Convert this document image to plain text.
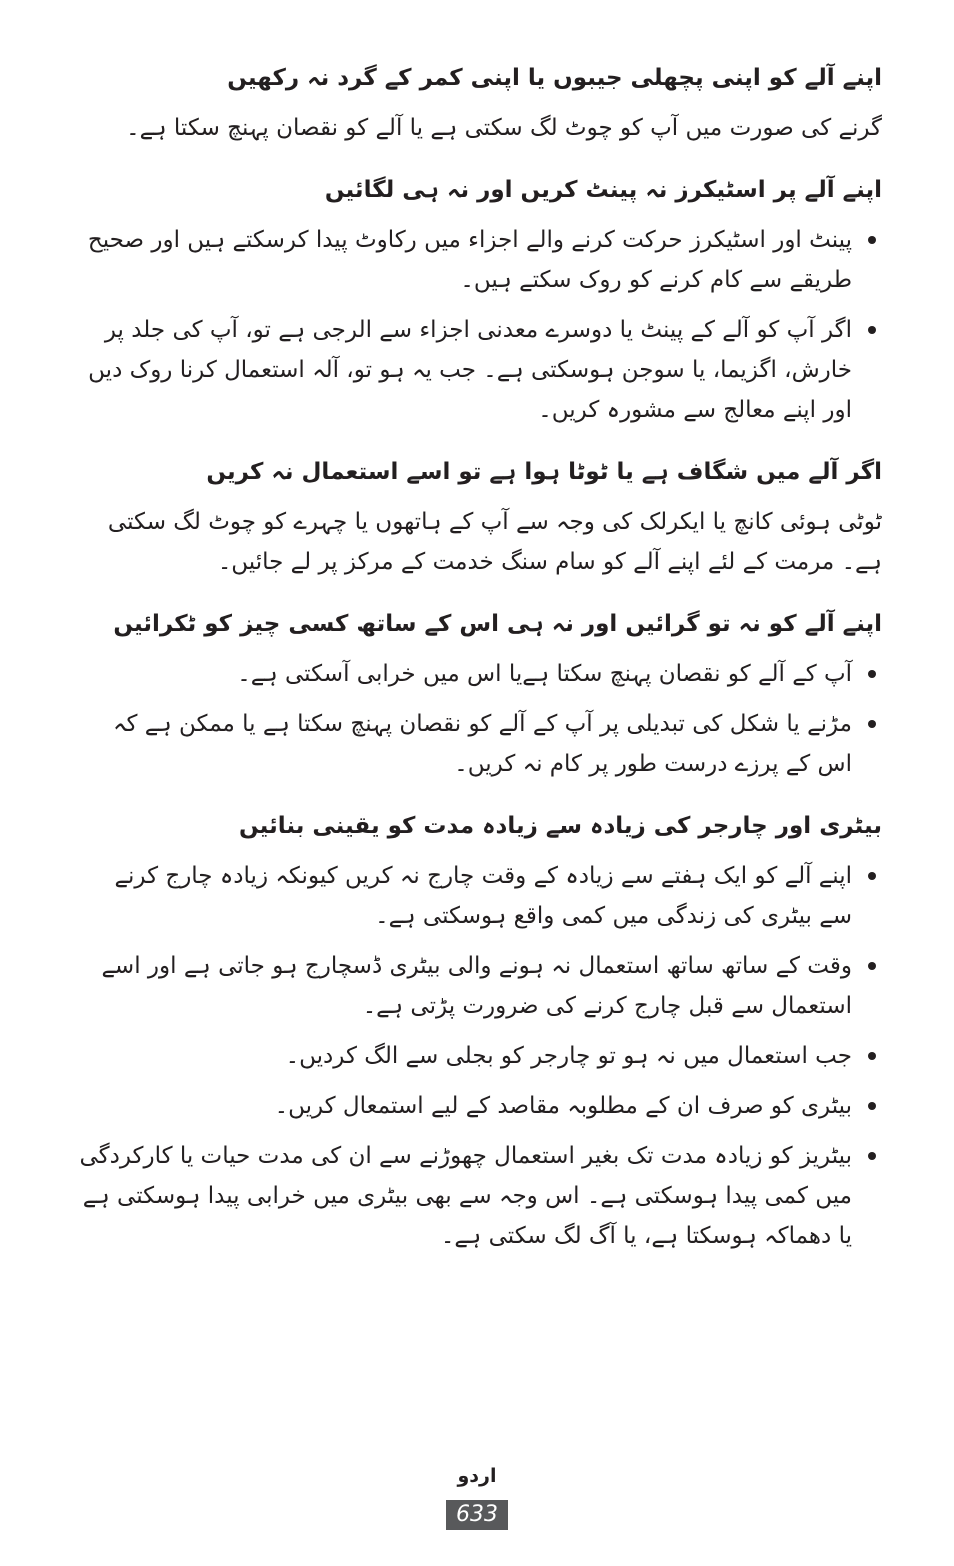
اپنے آلے کو اپنی پچھلی جیبوں یا اپنی کمر کے گرد نہ رکھیں

گرنے کی صورت میں آپ کو چوٹ لگ سکتی ہے یا آلے کو نقصان پہنچ سکتا ہے۔

اپنے آلے پر اسٹیکرز نہ پینٹ کریں اور نہ ہی لگائیں

پینٹ اور اسٹیکرز حرکت کرنے والے اجزاء میں رکاوٹ پیدا کرسکتے ہیں اور صحیح طریقے سے کام کرنے کو روک سکتے ہیں۔
اگر آپ کو آلے کے پینٹ یا دوسرے معدنی اجزاء سے الرجی ہے تو، آپ کی جلد پر خارش، اگزیما، یا سوجن ہوسکتی ہے۔ جب یہ ہو تو، آلہ استعمال کرنا روک دیں اور اپنے معالج سے مشورہ کریں۔

اگر آلے میں شگاف ہے یا ٹوٹا ہوا ہے تو اسے استعمال نہ کریں

ٹوٹی ہوئی کانچ یا ایکرلک کی وجہ سے آپ کے ہاتھوں یا چہرے کو چوٹ لگ سکتی ہے۔ مرمت کے لئے اپنے آلے کو سام سنگ خدمت کے مرکز پر لے جائیں۔

اپنے آلے کو نہ تو گرائیں اور نہ ہی اس کے ساتھ کسی چیز کو ٹکرائیں

آپ کے آلے کو نقصان پہنچ سکتا ہےیا اس میں خرابی آسکتی ہے۔
مڑنے یا شکل کی تبدیلی پر آپ کے آلے کو نقصان پہنچ سکتا ہے یا ممکن ہے کہ اس کے پرزے درست طور پر کام نہ کریں۔

بیٹری اور چارجر کی زیادہ سے زیادہ مدت کو یقینی بنائیں

اپنے آلے کو ایک ہفتے سے زیادہ کے وقت چارج نہ کریں کیونکہ زیادہ چارج کرنے سے بیٹری کی زندگی میں کمی واقع ہوسکتی ہے۔
وقت کے ساتھ ساتھ استعمال نہ ہونے والی بیٹری ڈسچارج ہو جاتی ہے اور اسے استعمال سے قبل چارج کرنے کی ضرورت پڑتی ہے۔
جب استعمال میں نہ ہو تو چارجر کو بجلی سے الگ کردیں۔
بیٹری کو صرف ان کے مطلوبہ مقاصد کے لیے استمعال کریں۔
بیٹریز کو زیادہ مدت تک بغیر استعمال چھوڑنے سے ان کی مدت حیات یا کارکردگی میں کمی پیدا ہوسکتی ہے۔ اس وجہ سے بھی بیٹری میں خرابی پیدا ہوسکتی ہے یا دھماکہ ہوسکتا ہے، یا آگ لگ سکتی ہے۔
اردو
633
